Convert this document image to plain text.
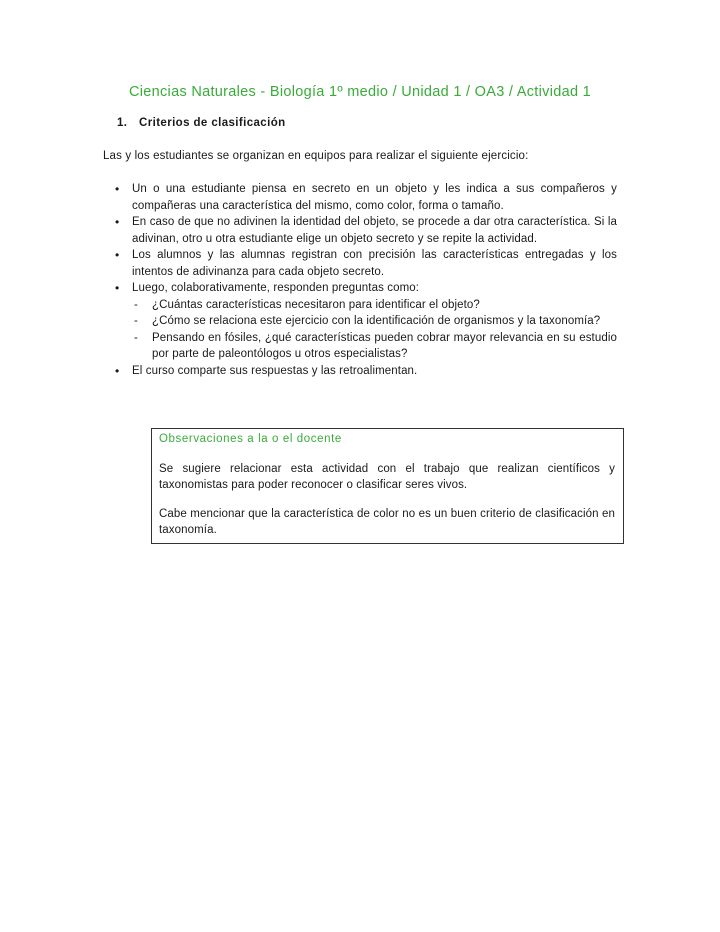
Ciencias Naturales - Biología 1º medio / Unidad 1 / OA3 / Actividad 1
1. Criterios de clasificación
Las y los estudiantes se organizan en equipos para realizar el siguiente ejercicio:
• Un o una estudiante piensa en secreto en un objeto y les indica a sus compañeros y compañeras una característica del mismo, como color, forma o tamaño.
• En caso de que no adivinen la identidad del objeto, se procede a dar otra característica. Si la adivinan, otro u otra estudiante elige un objeto secreto y se repite la actividad.
• Los alumnos y las alumnas registran con precisión las características entregadas y los intentos de adivinanza para cada objeto secreto.
• Luego, colaborativamente, responden preguntas como:
- ¿Cuántas características necesitaron para identificar el objeto?
- ¿Cómo se relaciona este ejercicio con la identificación de organismos y la taxonomía?
- Pensando en fósiles, ¿qué características pueden cobrar mayor relevancia en su estudio por parte de paleontólogos u otros especialistas?
• El curso comparte sus respuestas y las retroalimentan.
Observaciones a la o el docente

Se sugiere relacionar esta actividad con el trabajo que realizan científicos y taxonomistas para poder reconocer o clasificar seres vivos.

Cabe mencionar que la característica de color no es un buen criterio de clasificación en taxonomía.
